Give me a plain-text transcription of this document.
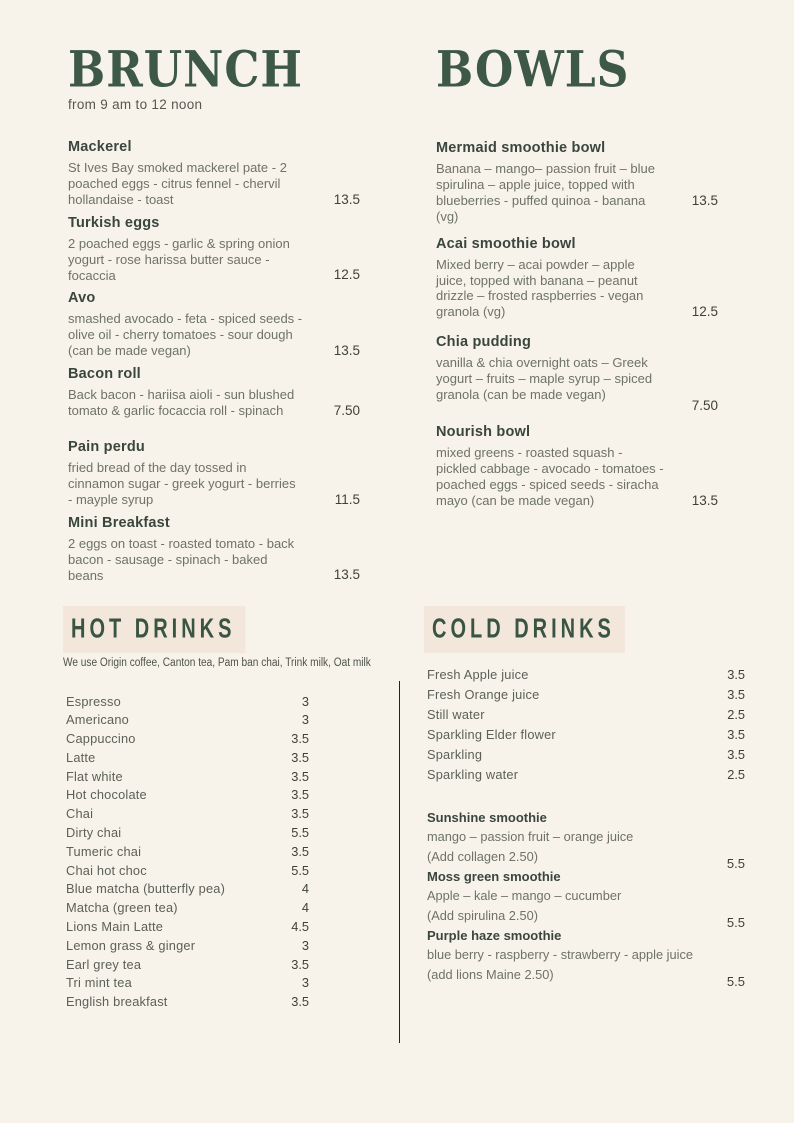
BRUNCH
from 9 am to 12 noon
Mackerel
St Ives Bay smoked mackerel pate - 2 poached eggs - citrus fennel - chervil hollandaise - toast	13.5
Turkish eggs
2 poached eggs - garlic & spring onion yogurt - rose harissa butter sauce - focaccia	12.5
Avo
smashed avocado - feta - spiced seeds - olive oil - cherry tomatoes - sour dough (can be made vegan)	13.5
Bacon roll
Back bacon - hariisa aioli - sun blushed tomato & garlic focaccia roll - spinach	7.50
Pain perdu
fried bread of the day tossed in cinnamon sugar - greek yogurt - berries - mayple syrup	11.5
Mini Breakfast
2 eggs on toast - roasted tomato - back bacon - sausage - spinach - baked beans	13.5
BOWLS
Mermaid smoothie bowl
Banana – mango– passion fruit – blue spirulina – apple juice, topped with blueberries - puffed quinoa - banana (vg)
13.5
Acai smoothie bowl
Mixed berry – acai powder – apple juice, topped with banana – peanut drizzle – frosted raspberries - vegan granola (vg)	12.5
Chia pudding
vanilla & chia overnight oats – Greek yogurt – fruits – maple syrup – spiced granola (can be made vegan)
7.50
Nourish bowl
mixed greens - roasted squash - pickled cabbage - avocado - tomatoes - poached eggs - spiced seeds - siracha mayo (can be made vegan)	13.5
HOT DRINKS
We use Origin coffee, Canton tea, Pam ban chai, Trink milk, Oat milk
Espresso	3
Americano	3
Cappuccino	3.5
Latte	3.5
Flat white	3.5
Hot chocolate	3.5
Chai	3.5
Dirty chai	5.5
Tumeric chai	3.5
Chai hot choc	5.5
Blue matcha (butterfly pea)	4
Matcha (green tea)	4
Lions Main Latte	4.5
Lemon grass & ginger	3
Earl grey tea	3.5
Tri mint tea	3
English breakfast	3.5
COLD DRINKS
Fresh Apple juice	3.5
Fresh Orange juice	3.5
Still water	2.5
Sparkling Elder flower	3.5
Sparkling	3.5
Sparkling water	2.5
Sunshine smoothie
mango – passion fruit – orange juice
(Add collagen 2.50)	5.5
Moss green smoothie
Apple – kale – mango – cucumber
(Add spirulina 2.50)	5.5
Purple haze smoothie
blue berry - raspberry - strawberry - apple juice
(add lions Maine 2.50)	5.5
